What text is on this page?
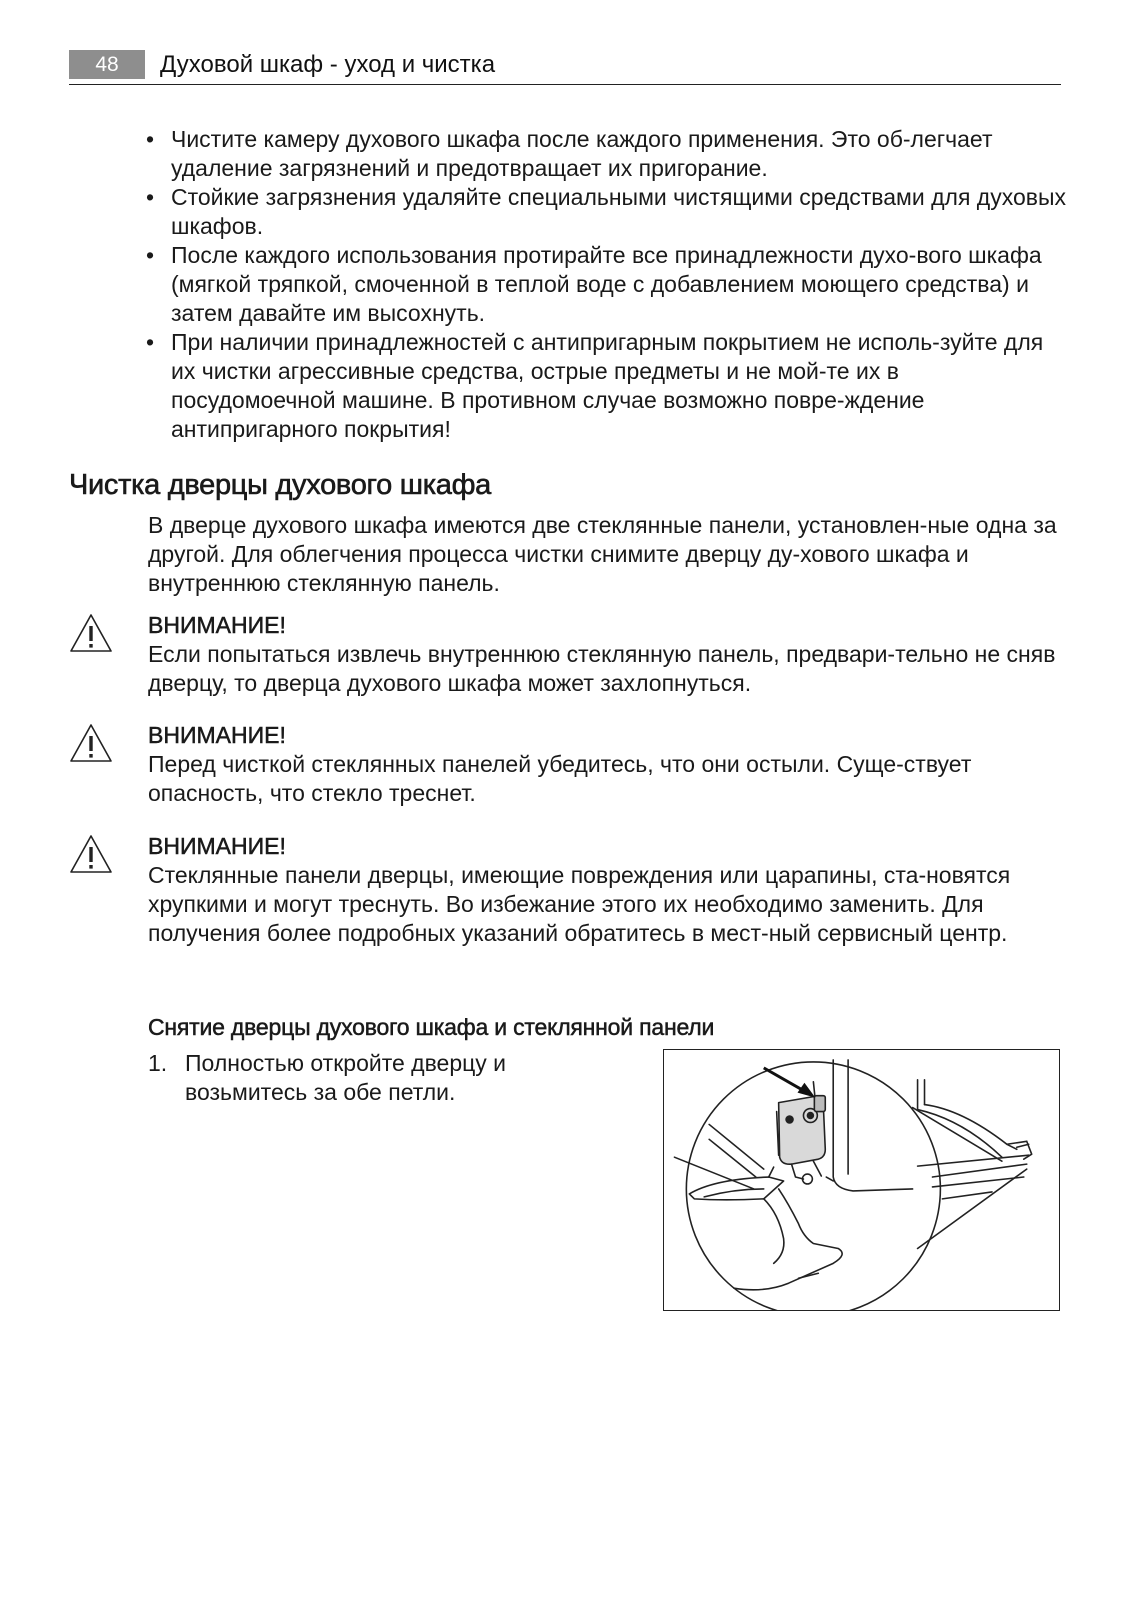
48	Духовой шкаф - уход и чистка
• Чистите камеру духового шкафа после каждого применения. Это об-легчает удаление загрязнений и предотвращает их пригорание.
• Стойкие загрязнения удаляйте специальными чистящими средствами для духовых шкафов.
• После каждого использования протирайте все принадлежности духо-вого шкафа (мягкой тряпкой, смоченной в теплой воде с добавлением моющего средства) и затем давайте им высохнуть.
• При наличии принадлежностей с антипригарным покрытием не исполь-зуйте для их чистки агрессивные средства, острые предметы и не мой-те их в посудомоечной машине. В противном случае возможно повре-ждение антипригарного покрытия!
Чистка дверцы духового шкафа

В дверце духового шкафа имеются две стеклянные панели, установлен-ные одна за другой. Для облегчения процесса чистки снимите дверцу ду-хового шкафа и внутреннюю стеклянную панель.

ВНИМАНИЕ!

Если попытаться извлечь внутреннюю стеклянную панель, предвари-тельно не сняв дверцу, то дверца духового шкафа может захлопнуться.

ВНИМАНИЕ!

Перед чисткой стеклянных панелей убедитесь, что они остыли. Суще-ствует опасность, что стекло треснет.

ВНИМАНИЕ!

Стеклянные панели дверцы, имеющие повреждения или царапины, ста-новятся хрупкими и могут треснуть. Во избежание этого их необходимо заменить. Для получения более подробных указаний обратитесь в мест-ный сервисный центр.

Снятие дверцы духового шкафа и стеклянной панели
1. Полностью откройте дверцу и возьмитесь за обе петли.
